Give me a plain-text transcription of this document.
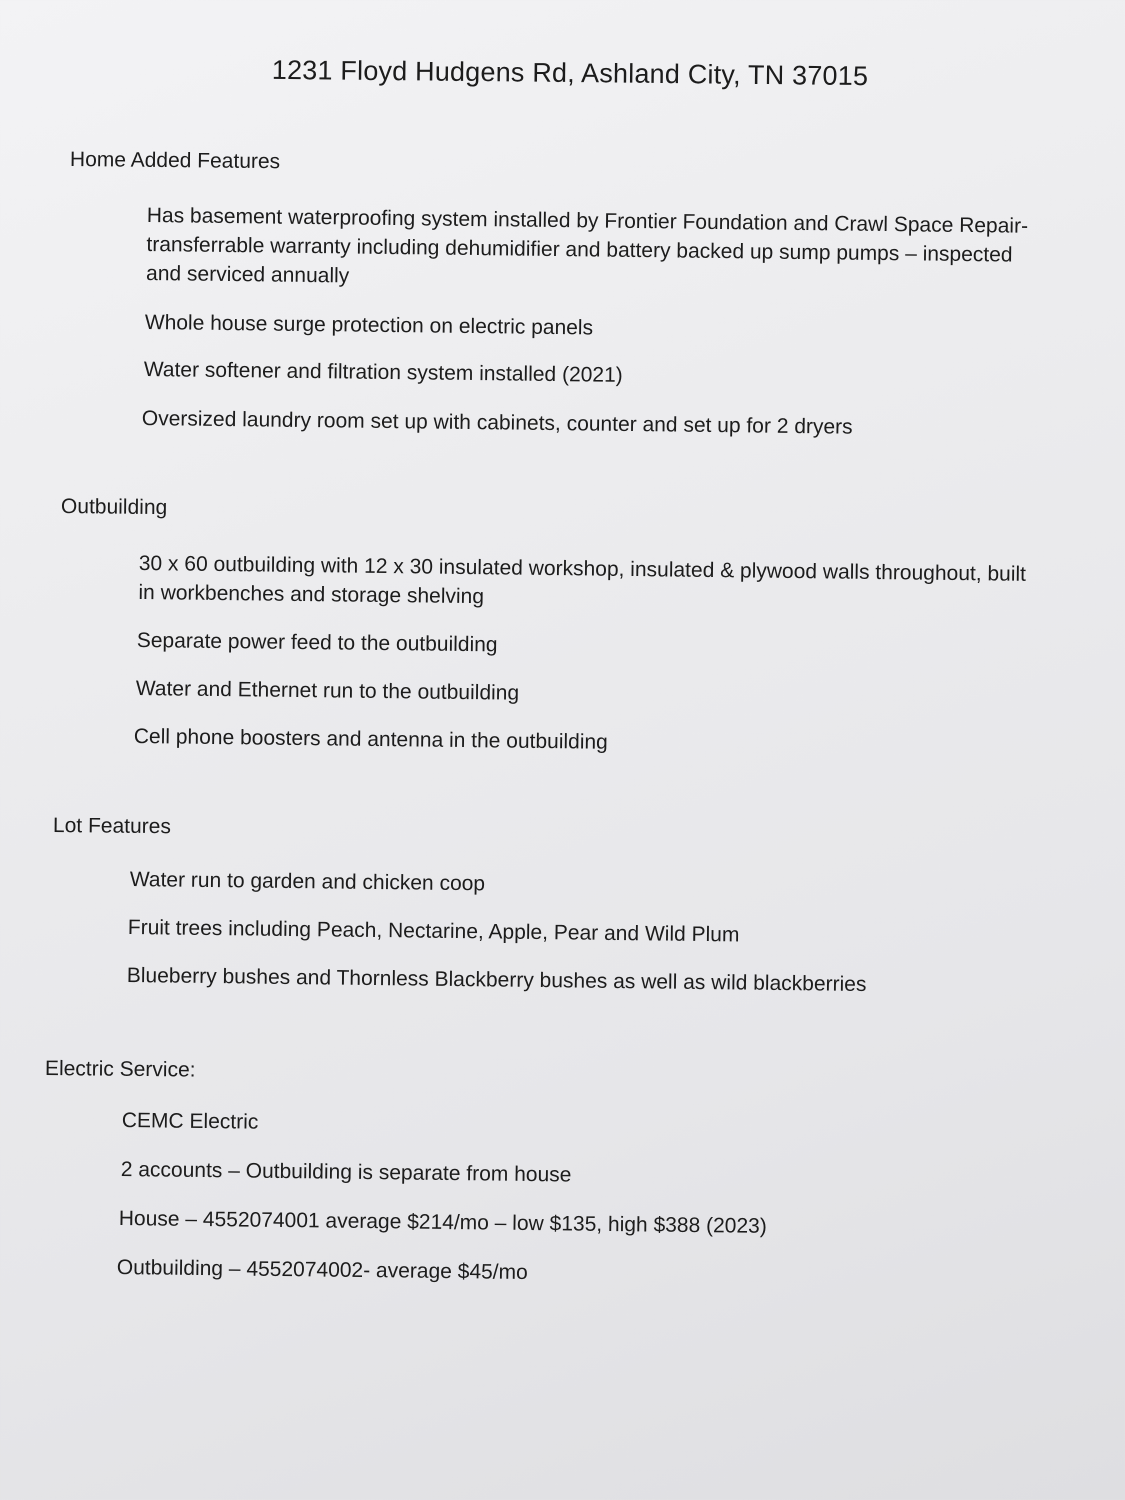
1231 Floyd Hudgens Rd, Ashland City, TN 37015
Home Added Features
Has basement waterproofing system installed by Frontier Foundation and Crawl Space Repair- transferrable warranty including dehumidifier and battery backed up sump pumps – inspected and serviced annually
Whole house surge protection on electric panels
Water softener and filtration system installed (2021)
Oversized laundry room set up with cabinets, counter and set up for 2 dryers
Outbuilding
30 x 60 outbuilding with 12 x 30 insulated workshop, insulated & plywood walls throughout, built in workbenches and storage shelving
Separate power feed to the outbuilding
Water and Ethernet run to the outbuilding
Cell phone boosters and antenna in the outbuilding
Lot Features
Water run to garden and chicken coop
Fruit trees including Peach, Nectarine, Apple, Pear and Wild Plum
Blueberry bushes and Thornless Blackberry bushes as well as wild blackberries
Electric Service:
CEMC Electric
2 accounts – Outbuilding is separate from house
House – 4552074001 average $214/mo – low $135, high $388 (2023)
Outbuilding – 4552074002- average $45/mo
